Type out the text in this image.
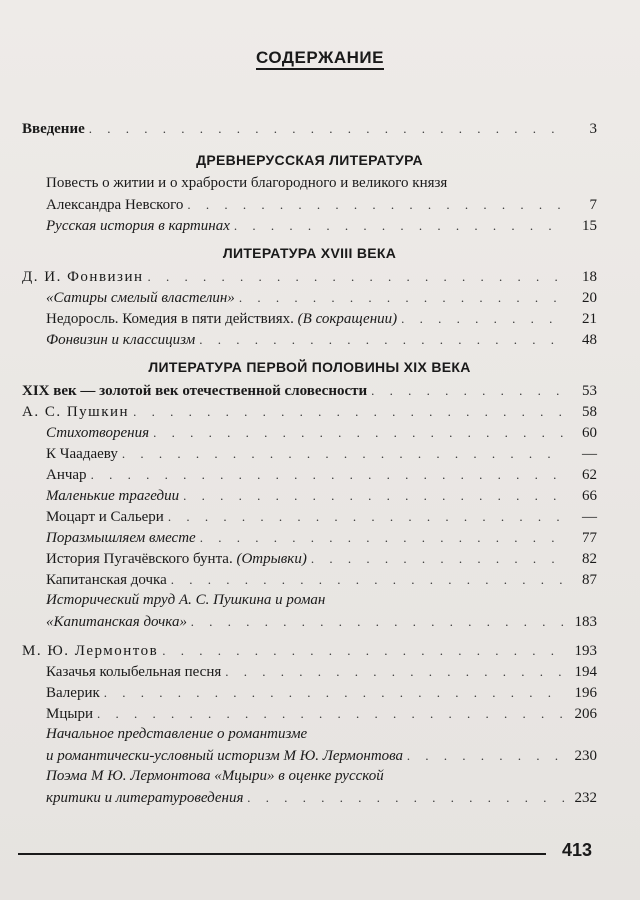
СОДЕРЖАНИЕ
Введение . . .	3
ДРЕВНЕРУССКАЯ ЛИТЕРАТУРА
Повесть о житии и о храбрости благородного и великого князя
Александра Невского . . .	7
Русская история в картинах . . .	15
ЛИТЕРАТУРА XVIII ВЕКА
Д. И. Фонвизин . . .	18
«Сатиры смелый властелин» . . .	20
Недоросль. Комедия в пяти действиях. (В сокращении) . . .	21
Фонвизин и классицизм . . .	48
ЛИТЕРАТУРА ПЕРВОЙ ПОЛОВИНЫ XIX ВЕКА
XIX век — золотой век отечественной словесности . . .	53
А. С. Пушкин . . .	58
Стихотворения . . .	60
К Чаадаеву . . .	—
Анчар . . .	62
Маленькие трагедии . . .	66
Моцарт и Сальери . . .	—
Поразмышляем вместе . . .	77
История Пугачёвского бунта. (Отрывки) . . .	82
Капитанская дочка . . .	87
Исторический труд А. С. Пушкина и роман
«Капитанская дочка» . . .	183
М. Ю. Лермонтов . . .	193
Казачья колыбельная песня . . .	194
Валерик . . .	196
Мцыри . . .	206
Начальное представление о романтизме
и романтически-условный историзм М Ю. Лермонтова . . .	230
Поэма М Ю. Лермонтова «Мцыри» в оценке русской
критики и литературоведения . . .	232
413
